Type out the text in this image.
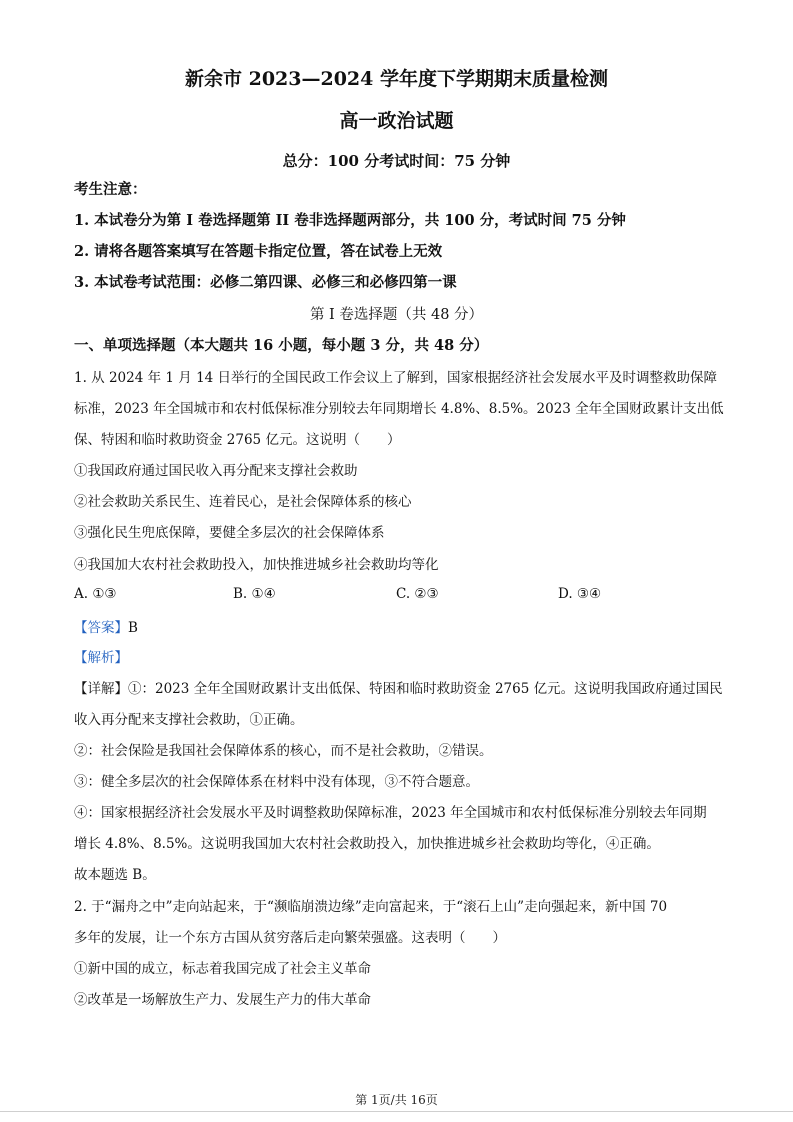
新余市 2023—2024 学年度下学期期末质量检测
高一政治试题
总分：100 分考试时间：75 分钟
考生注意：
1. 本试卷分为第 I 卷选择题第 II 卷非选择题两部分，共 100 分，考试时间 75 分钟
2. 请将各题答案填写在答题卡指定位置，答在试卷上无效
3. 本试卷考试范围：必修二第四课、必修三和必修四第一课
第 I 卷选择题（共 48 分）
一、单项选择题（本大题共 16 小题，每小题 3 分，共 48 分）
1. 从 2024 年 1 月 14 日举行的全国民政工作会议上了解到，国家根据经济社会发展水平及时调整救助保障
标准，2023 年全国城市和农村低保标准分别较去年同期增长 4.8%、8.5%。2023 全年全国财政累计支出低
保、特困和临时救助资金 2765 亿元。这说明（　　）
①我国政府通过国民收入再分配来支撑社会救助
②社会救助关系民生、连着民心，是社会保障体系的核心
③强化民生兜底保障，要健全多层次的社会保障体系
④我国加大农村社会救助投入，加快推进城乡社会救助均等化
A. ①③	B. ①④	C. ②③	D. ③④
【答案】B
【解析】
【详解】①：2023 全年全国财政累计支出低保、特困和临时救助资金 2765 亿元。这说明我国政府通过国民
收入再分配来支撑社会救助，①正确。
②：社会保险是我国社会保障体系的核心，而不是社会救助，②错误。
③：健全多层次的社会保障体系在材料中没有体现，③不符合题意。
④：国家根据经济社会发展水平及时调整救助保障标准，2023 年全国城市和农村低保标准分别较去年同期
增长 4.8%、8.5%。这说明我国加大农村社会救助投入，加快推进城乡社会救助均等化，④正确。
故本题选 B。
2. 于“漏舟之中”走向站起来，于“濒临崩溃边缘”走向富起来，于“滚石上山”走向强起来，新中国 70
多年的发展，让一个东方古国从贫穷落后走向繁荣强盛。这表明（　　）
①新中国的成立，标志着我国完成了社会主义革命
②改革是一场解放生产力、发展生产力的伟大革命
第 1页/共 16页
